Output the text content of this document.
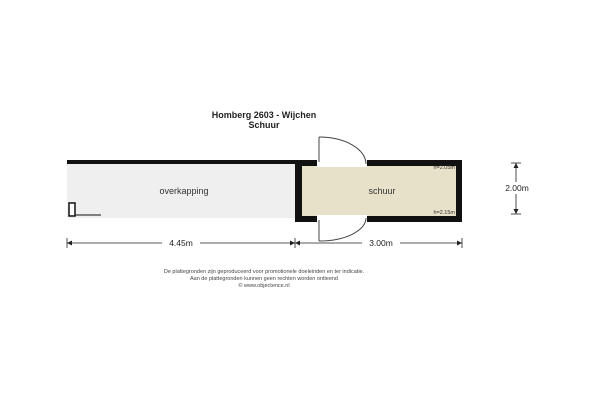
Homberg 2603 - Wijchen
Schuur
overkapping	schuur
h=2.05m
h=2.15m
4.45m	3.00m
2.00m
De plattegronden zijn geproduceerd voor promotionele doeleinden en ter indicatie.
Aan de plattegronden kunnen geen rechten worden ontleend
© www.objectence.nl
